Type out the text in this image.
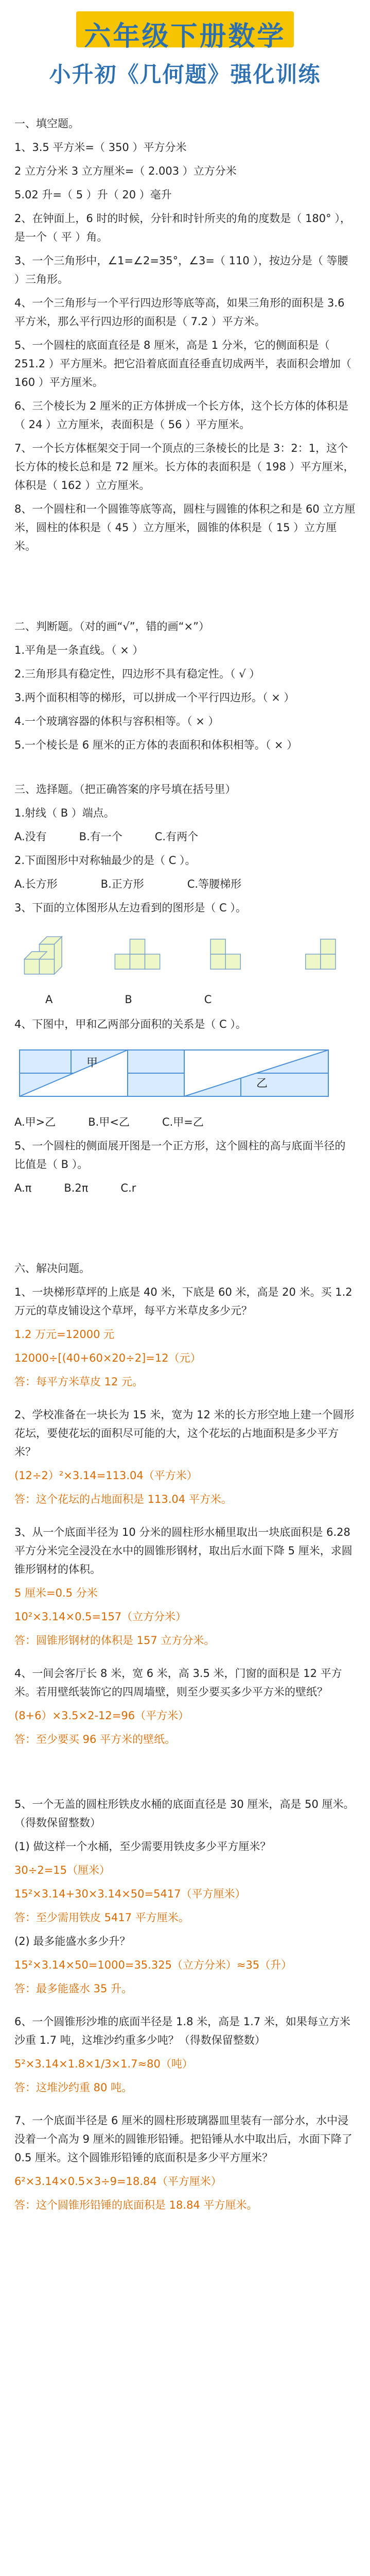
六年级下册数学
小升初《几何题》强化训练
一、填空题。
1、3.5 平方米=（ 350 ）平方分米
2 立方分米 3 立方厘米=（ 2.003 ）立方分米
5.02 升=（ 5 ）升（ 20 ）毫升
2、在钟面上，6 时的时候，分针和时针所夹的角的度数是（ 180° ），是一个（ 平 ）角。
3、一个三角形中，∠1=∠2=35°，∠3=（ 110 ），按边分是（ 等腰 ）三角形。
4、一个三角形与一个平行四边形等底等高，如果三角形的面积是 3.6 平方米，那么平行四边形的面积是（ 7.2 ）平方米。
5、一个圆柱的底面直径是 8 厘米，高是 1 分米，它的侧面积是（ 251.2 ）平方厘米。把它沿着底面直径垂直切成两半，表面积会增加（ 160 ）平方厘米。
6、三个棱长为 2 厘米的正方体拼成一个长方体，这个长方体的体积是（ 24 ）立方厘米，表面积是（ 56 ）平方厘米。
7、一个长方体框架交于同一个顶点的三条棱长的比是 3：2：1，这个长方体的棱长总和是 72 厘米。长方体的表面积是（ 198 ）平方厘米，体积是（ 162 ）立方厘米。
8、一个圆柱和一个圆锥等底等高，圆柱与圆锥的体积之和是 60 立方厘米，圆柱的体积是（ 45 ）立方厘米，圆锥的体积是（ 15 ）立方厘米。
二、判断题。（对的画“√”，错的画“×”）
1.平角是一条直线。（ × ）
2.三角形具有稳定性，四边形不具有稳定性。（ √ ）
3.两个面积相等的梯形，可以拼成一个平行四边形。（ × ）
4.一个玻璃容器的体积与容积相等。（ × ）
5.一个棱长是 6 厘米的正方体的表面积和体积相等。（ × ）
三、选择题。（把正确答案的序号填在括号里）
1.射线（ B ）端点。
A.没有　　　B.有一个　　　C.有两个
2.下面图形中对称轴最少的是（ C ）。
A.长方形　　　　B.正方形　　　　C.等腰梯形
3、下面的立体图形从左边看到的图形是（ C ）。
A	B	C
4、下图中，甲和乙两部分面积的关系是（ C ）。
甲
乙
A.甲>乙　　　B.甲<乙　　　C.甲=乙
5、一个圆柱的侧面展开图是一个正方形，这个圆柱的高与底面半径的比值是（ B ）。
A.π　　　B.2π　　　C.r
六、解决问题。
1、一块梯形草坪的上底是 40 米，下底是 60 米，高是 20 米。买 1.2 万元的草皮铺设这个草坪，每平方米草皮多少元？
1.2 万元=12000 元
12000÷[(40+60×20÷2]=12（元）
答：每平方米草皮 12 元。
2、学校准备在一块长为 15 米，宽为 12 米的长方形空地上建一个圆形花坛，要使花坛的面积尽可能的大，这个花坛的占地面积是多少平方米？
(12÷2）²×3.14=113.04（平方米）
答：这个花坛的占地面积是 113.04 平方米。
3、从一个底面半径为 10 分米的圆柱形水桶里取出一块底面积是 6.28 平方分米完全浸没在水中的圆锥形钢材，取出后水面下降 5 厘米，求圆锥形钢材的体积。
5 厘米=0.5 分米
10²×3.14×0.5=157（立方分米）
答：圆锥形钢材的体积是 157 立方分米。
4、一间会客厅长 8 米，宽 6 米，高 3.5 米，门窗的面积是 12 平方米。若用壁纸装饰它的四周墙壁，则至少要买多少平方米的壁纸？
(8+6）×3.5×2-12=96（平方米）
答：至少要买 96 平方米的壁纸。
5、一个无盖的圆柱形铁皮水桶的底面直径是 30 厘米，高是 50 厘米。（得数保留整数）
(1) 做这样一个水桶，至少需要用铁皮多少平方厘米？
30÷2=15（厘米）
15²×3.14+30×3.14×50=5417（平方厘米）
答：至少需用铁皮 5417 平方厘米。
(2) 最多能盛水多少升？
15²×3.14×50=1000=35.325（立方分米）≈35（升）
答：最多能盛水 35 升。
6、一个圆锥形沙堆的底面半径是 1.8 米，高是 1.7 米，如果每立方米沙重 1.7 吨，这堆沙约重多少吨？（得数保留整数）
5²×3.14×1.8×1/3×1.7≈80（吨）
答：这堆沙约重 80 吨。
7、一个底面半径是 6 厘米的圆柱形玻璃器皿里装有一部分水，水中浸没着一个高为 9 厘米的圆锥形铅锤。把铅锤从水中取出后，水面下降了 0.5 厘米。这个圆锥形铅锤的底面积是多少平方厘米？
6²×3.14×0.5×3÷9=18.84（平方厘米）
答：这个圆锥形铅锤的底面积是 18.84 平方厘米。
